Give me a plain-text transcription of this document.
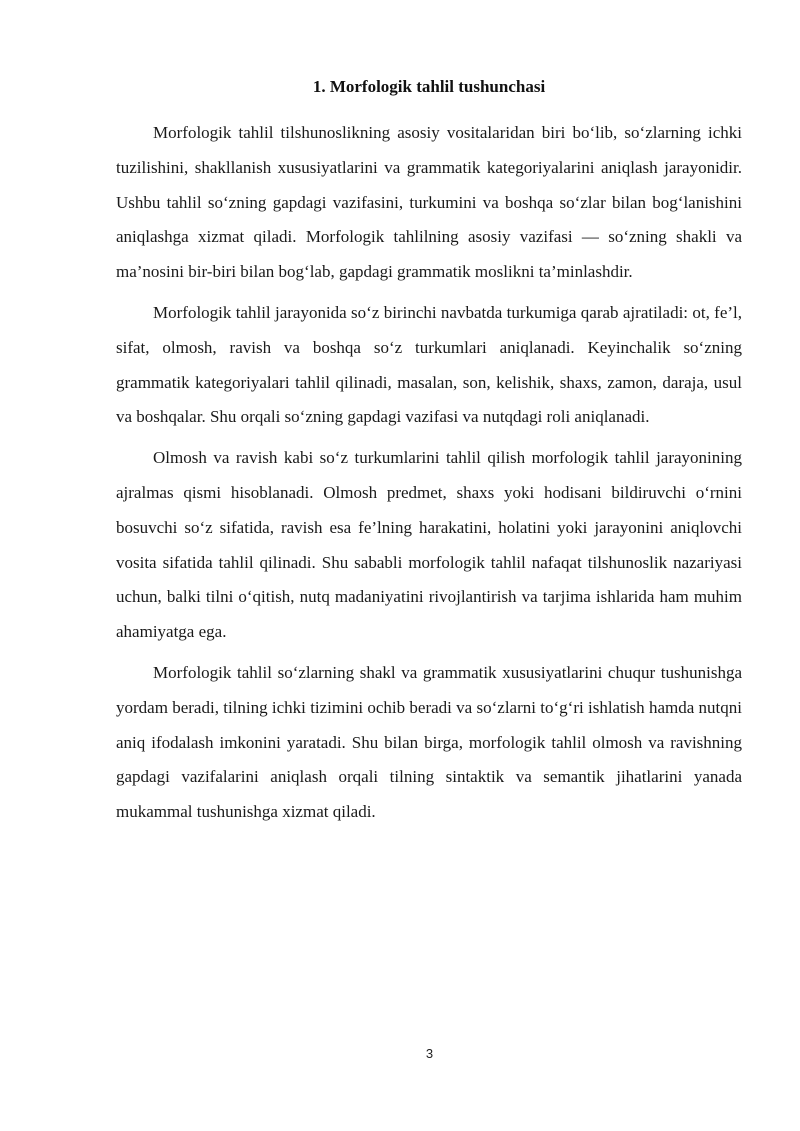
1. Morfologik tahlil tushunchasi

Morfologik tahlil tilshunoslikning asosiy vositalaridan biri bo‘lib, so‘zlarning ichki tuzilishini, shakllanish xususiyatlarini va grammatik kategoriyalarini aniqlash jarayonidir. Ushbu tahlil so‘zning gapdagi vazifasini, turkumini va boshqa so‘zlar bilan bog‘lanishini aniqlashga xizmat qiladi. Morfologik tahlilning asosiy vazifasi — so‘zning shakli va ma’nosini bir-biri bilan bog‘lab, gapdagi grammatik moslikni ta’minlashdir.

Morfologik tahlil jarayonida so‘z birinchi navbatda turkumiga qarab ajratiladi: ot, fe’l, sifat, olmosh, ravish va boshqa so‘z turkumlari aniqlanadi. Keyinchalik so‘zning grammatik kategoriyalari tahlil qilinadi, masalan, son, kelishik, shaxs, zamon, daraja, usul va boshqalar. Shu orqali so‘zning gapdagi vazifasi va nutqdagi roli aniqlanadi.

Olmosh va ravish kabi so‘z turkumlarini tahlil qilish morfologik tahlil jarayonining ajralmas qismi hisoblanadi. Olmosh predmet, shaxs yoki hodisani bildiruvchi o‘rnini bosuvchi so‘z sifatida, ravish esa fe’lning harakatini, holatini yoki jarayonini aniqlovchi vosita sifatida tahlil qilinadi. Shu sababli morfologik tahlil nafaqat tilshunoslik nazariyasi uchun, balki tilni o‘qitish, nutq madaniyatini rivojlantirish va tarjima ishlarida ham muhim ahamiyatga ega.

Morfologik tahlil so‘zlarning shakl va grammatik xususiyatlarini chuqur tushunishga yordam beradi, tilning ichki tizimini ochib beradi va so‘zlarni to‘g‘ri ishlatish hamda nutqni aniq ifodalash imkonini yaratadi. Shu bilan birga, morfologik tahlil olmosh va ravishning gapdagi vazifalarini aniqlash orqali tilning sintaktik va semantik jihatlarini yanada mukammal tushunishga xizmat qiladi.

3
